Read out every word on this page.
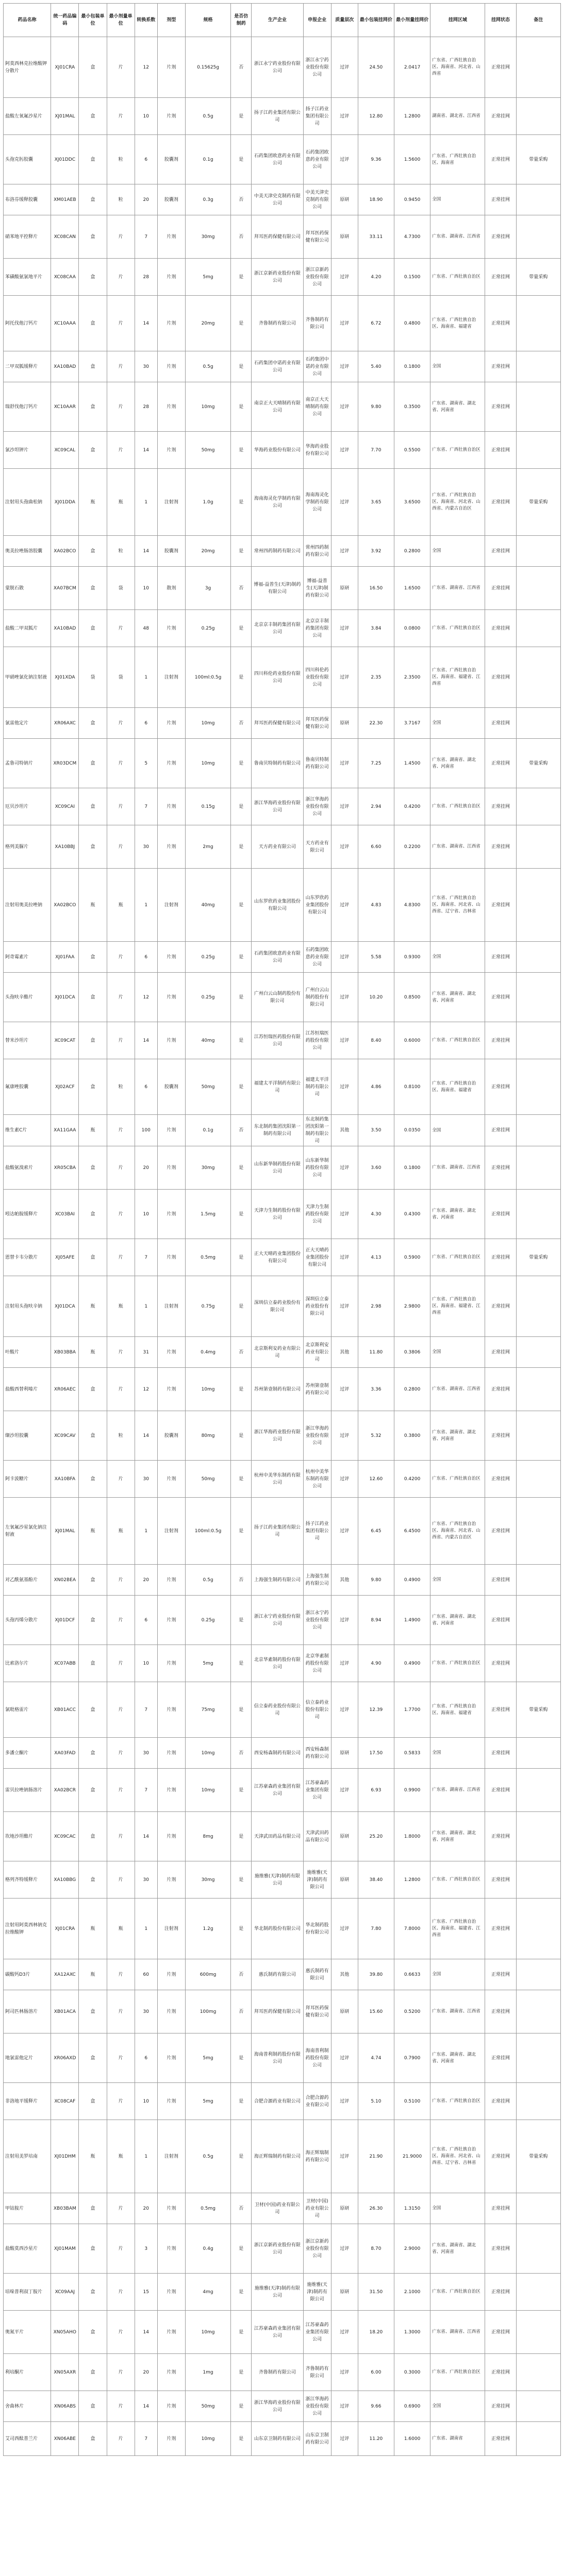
药品名称	统一药品编码	最小包装单位	最小剂量单位	转换系数	剂型	规格	是否仿制药	生产企业	申报企业	质量层次	最小包装挂网价	最小剂量挂网价	挂网区域	挂网状态	备注
阿莫西林克拉维酸钾分散片	XJ01CRA	盒	片	12	片剂	0.15625g	否	浙江永宁药业股份有限公司	浙江永宁药业股份有限公司	过评	24.50	2.0417	广东省、广西壮族自治区、海南省、河北省、山西省	正常挂网	
盐酸左氧氟沙星片	XJ01MAL	盒	片	10	片剂	0.5g	是	扬子江药业集团有限公司	扬子江药业集团有限公司	过评	12.80	1.2800	湖南省、湖北省、江西省	正常挂网	
头孢克肟胶囊	XJ01DDC	盒	粒	6	胶囊剂	0.1g	是	石药集团欧意药业有限公司	石药集团欧意药业有限公司	过评	9.36	1.5600	广东省、广西壮族自治区、海南省	正常挂网	带量采购
布洛芬缓释胶囊	XM01AEB	盒	粒	20	胶囊剂	0.3g	否	中美天津史克制药有限公司	中美天津史克制药有限公司	原研	18.90	0.9450	全国	正常挂网	
硝苯地平控释片	XC08CAN	盒	片	7	片剂	30mg	否	拜耳医药保健有限公司	拜耳医药保健有限公司	原研	33.11	4.7300	广东省、湖南省、江西省	正常挂网	
苯磺酸氨氯地平片	XC08CAA	盒	片	28	片剂	5mg	是	浙江京新药业股份有限公司	浙江京新药业股份有限公司	过评	4.20	0.1500	广东省、广西壮族自治区	正常挂网	带量采购
阿托伐他汀钙片	XC10AAA	盒	片	14	片剂	20mg	是	齐鲁制药有限公司	齐鲁制药有限公司	过评	6.72	0.4800	广东省、广西壮族自治区、海南省、福建省	正常挂网	
二甲双胍缓释片	XA10BAD	盒	片	30	片剂	0.5g	是	石药集团中诺药业有限公司	石药集团中诺药业有限公司	过评	5.40	0.1800	全国	正常挂网	
瑞舒伐他汀钙片	XC10AAR	盒	片	28	片剂	10mg	是	南京正大天晴制药有限公司	南京正大天晴制药有限公司	过评	9.80	0.3500	广东省、湖南省、湖北省、河南省	正常挂网	
氯沙坦钾片	XC09CAL	盒	片	14	片剂	50mg	是	华海药业股份有限公司	华海药业股份有限公司	过评	7.70	0.5500	广东省、广西壮族自治区	正常挂网	
注射用头孢曲松钠	XJ01DDA	瓶	瓶	1	注射剂	1.0g	是	海南海灵化学制药有限公司	海南海灵化学制药有限公司	过评	3.65	3.6500	广东省、广西壮族自治区、海南省、河北省、山西省、内蒙古自治区	正常挂网	带量采购
奥美拉唑肠溶胶囊	XA02BCO	盒	粒	14	胶囊剂	20mg	是	常州四药制药有限公司	常州四药制药有限公司	过评	3.92	0.2800	全国	正常挂网	
蒙脱石散	XA07BCM	盒	袋	10	散剂	3g	否	博福-益普生(天津)制药有限公司	博福-益普生(天津)制药有限公司	原研	16.50	1.6500	广东省、湖南省、江西省	正常挂网	
盐酸二甲双胍片	XA10BAD	盒	片	48	片剂	0.25g	是	北京京丰制药集团有限公司	北京京丰制药集团有限公司	过评	3.84	0.0800	广东省、广西壮族自治区	正常挂网	
甲硝唑氯化钠注射液	XJ01XDA	袋	袋	1	注射剂	100ml:0.5g	是	四川科伦药业股份有限公司	四川科伦药业股份有限公司	过评	2.35	2.3500	广东省、广西壮族自治区、海南省、福建省、江西省	正常挂网	
氯雷他定片	XR06AXC	盒	片	6	片剂	10mg	否	拜耳医药保健有限公司	拜耳医药保健有限公司	原研	22.30	3.7167	全国	正常挂网	
孟鲁司特钠片	XR03DCM	盒	片	5	片剂	10mg	是	鲁南贝特制药有限公司	鲁南贝特制药有限公司	过评	7.25	1.4500	广东省、湖南省、湖北省、河南省	正常挂网	带量采购
厄贝沙坦片	XC09CAI	盒	片	7	片剂	0.15g	是	浙江华海药业股份有限公司	浙江华海药业股份有限公司	过评	2.94	0.4200	广东省、广西壮族自治区	正常挂网	
格列美脲片	XA10BBJ	盒	片	30	片剂	2mg	是	天方药业有限公司	天方药业有限公司	过评	6.60	0.2200	广东省、湖南省、江西省	正常挂网	
注射用奥美拉唑钠	XA02BCO	瓶	瓶	1	注射剂	40mg	是	山东罗欣药业集团股份有限公司	山东罗欣药业集团股份有限公司	过评	4.83	4.8300	广东省、广西壮族自治区、海南省、河北省、山西省、辽宁省、吉林省	正常挂网	
阿奇霉素片	XJ01FAA	盒	片	6	片剂	0.25g	是	石药集团欧意药业有限公司	石药集团欧意药业有限公司	过评	5.58	0.9300	全国	正常挂网	
头孢呋辛酯片	XJ01DCA	盒	片	12	片剂	0.25g	是	广州白云山制药股份有限公司	广州白云山制药股份有限公司	过评	10.20	0.8500	广东省、湖南省、湖北省、河南省	正常挂网	
替米沙坦片	XC09CAT	盒	片	14	片剂	40mg	是	江苏恒瑞医药股份有限公司	江苏恒瑞医药股份有限公司	过评	8.40	0.6000	广东省、广西壮族自治区	正常挂网	
氟康唑胶囊	XJ02ACF	盒	粒	6	胶囊剂	50mg	是	福建太平洋制药有限公司	福建太平洋制药有限公司	过评	4.86	0.8100	广东省、广西壮族自治区、海南省、福建省	正常挂网	
维生素C片	XA11GAA	瓶	片	100	片剂	0.1g	否	东北制药集团沈阳第一制药有限公司	东北制药集团沈阳第一制药有限公司	其他	3.50	0.0350	全国	正常挂网	
盐酸氨溴索片	XR05CBA	盒	片	20	片剂	30mg	是	山东新华制药股份有限公司	山东新华制药股份有限公司	过评	3.60	0.1800	广东省、湖南省、江西省	正常挂网	
吲达帕胺缓释片	XC03BAI	盒	片	10	片剂	1.5mg	是	天津力生制药股份有限公司	天津力生制药股份有限公司	过评	4.30	0.4300	广东省、湖南省、湖北省、河南省	正常挂网	
恩替卡韦分散片	XJ05AFE	盒	片	7	片剂	0.5mg	是	正大天晴药业集团股份有限公司	正大天晴药业集团股份有限公司	过评	4.13	0.5900	广东省、广西壮族自治区	正常挂网	带量采购
注射用头孢呋辛钠	XJ01DCA	瓶	瓶	1	注射剂	0.75g	是	深圳信立泰药业股份有限公司	深圳信立泰药业股份有限公司	过评	2.98	2.9800	广东省、广西壮族自治区、海南省、福建省、江西省	正常挂网	
叶酸片	XB03BBA	瓶	片	31	片剂	0.4mg	否	北京斯利安药业有限公司	北京斯利安药业有限公司	其他	11.80	0.3806	全国	正常挂网	
盐酸西替利嗪片	XR06AEC	盒	片	12	片剂	10mg	是	苏州第壹制药有限公司	苏州第壹制药有限公司	过评	3.36	0.2800	广东省、湖南省、江西省	正常挂网	
缬沙坦胶囊	XC09CAV	盒	粒	14	胶囊剂	80mg	是	浙江华海药业股份有限公司	浙江华海药业股份有限公司	过评	5.32	0.3800	广东省、湖南省、湖北省、河南省	正常挂网	
阿卡波糖片	XA10BFA	盒	片	30	片剂	50mg	是	杭州中美华东制药有限公司	杭州中美华东制药有限公司	过评	12.60	0.4200	广东省、广西壮族自治区	正常挂网	
左氧氟沙星氯化钠注射液	XJ01MAL	瓶	瓶	1	注射剂	100ml:0.5g	是	扬子江药业集团有限公司	扬子江药业集团有限公司	过评	6.45	6.4500	广东省、广西壮族自治区、海南省、河北省、山西省、内蒙古自治区	正常挂网	
对乙酰氨基酚片	XN02BEA	盒	片	20	片剂	0.5g	否	上海强生制药有限公司	上海强生制药有限公司	其他	9.80	0.4900	全国	正常挂网	
头孢丙烯分散片	XJ01DCF	盒	片	6	片剂	0.25g	是	浙江永宁药业股份有限公司	浙江永宁药业股份有限公司	过评	8.94	1.4900	广东省、湖南省、湖北省、河南省	正常挂网	
比索洛尔片	XC07ABB	盒	片	10	片剂	5mg	是	北京华素制药股份有限公司	北京华素制药股份有限公司	过评	4.90	0.4900	广东省、广西壮族自治区	正常挂网	
氯吡格雷片	XB01ACC	盒	片	7	片剂	75mg	是	信立泰药业股份有限公司	信立泰药业股份有限公司	过评	12.39	1.7700	广东省、广西壮族自治区、海南省、福建省	正常挂网	带量采购
多潘立酮片	XA03FAD	盒	片	30	片剂	10mg	否	西安杨森制药有限公司	西安杨森制药有限公司	原研	17.50	0.5833	全国	正常挂网	
雷贝拉唑钠肠溶片	XA02BCR	盒	片	7	片剂	10mg	是	江苏豪森药业集团有限公司	江苏豪森药业集团有限公司	过评	6.93	0.9900	广东省、湖南省、江西省	正常挂网	
坎地沙坦酯片	XC09CAC	盒	片	14	片剂	8mg	是	天津武田药品有限公司	天津武田药品有限公司	原研	25.20	1.8000	广东省、湖南省、湖北省、河南省	正常挂网	
格列齐特缓释片	XA10BBG	盒	片	30	片剂	30mg	是	施维雅(天津)制药有限公司	施维雅(天津)制药有限公司	原研	38.40	1.2800	广东省、广西壮族自治区	正常挂网	
注射用阿莫西林钠克拉维酸钾	XJ01CRA	瓶	瓶	1	注射剂	1.2g	是	华北制药股份有限公司	华北制药股份有限公司	过评	7.80	7.8000	广东省、广西壮族自治区、海南省、福建省、江西省	正常挂网	
碳酸钙D3片	XA12AXC	瓶	片	60	片剂	600mg	否	惠氏制药有限公司	惠氏制药有限公司	其他	39.80	0.6633	全国	正常挂网	
阿司匹林肠溶片	XB01ACA	盒	片	30	片剂	100mg	否	拜耳医药保健有限公司	拜耳医药保健有限公司	原研	15.60	0.5200	广东省、湖南省、江西省	正常挂网	
地氯雷他定片	XR06AXD	盒	片	6	片剂	5mg	是	海南普利制药股份有限公司	海南普利制药股份有限公司	过评	4.74	0.7900	广东省、湖南省、湖北省、河南省	正常挂网	
非洛地平缓释片	XC08CAF	盒	片	10	片剂	5mg	是	合肥合源药业有限公司	合肥合源药业有限公司	过评	5.10	0.5100	广东省、广西壮族自治区	正常挂网	
注射用美罗培南	XJ01DHM	瓶	瓶	1	注射剂	0.5g	是	海正辉瑞制药有限公司	海正辉瑞制药有限公司	过评	21.90	21.9000	广东省、广西壮族自治区、海南省、河北省、山西省、辽宁省、吉林省	正常挂网	带量采购
甲钴胺片	XB03BAM	盒	片	20	片剂	0.5mg	否	卫材(中国)药业有限公司	卫材(中国)药业有限公司	原研	26.30	1.3150	全国	正常挂网	
盐酸莫西沙星片	XJ01MAM	盒	片	3	片剂	0.4g	是	浙江京新药业股份有限公司	浙江京新药业股份有限公司	过评	8.70	2.9000	广东省、湖南省、湖北省、河南省	正常挂网	
培哚普利叔丁胺片	XC09AAJ	盒	片	15	片剂	4mg	是	施维雅(天津)制药有限公司	施维雅(天津)制药有限公司	原研	31.50	2.1000	广东省、广西壮族自治区	正常挂网	
奥氮平片	XN05AHO	盒	片	14	片剂	10mg	是	江苏豪森药业集团有限公司	江苏豪森药业集团有限公司	过评	18.20	1.3000	广东省、湖南省、江西省	正常挂网	
利培酮片	XN05AXR	盒	片	20	片剂	1mg	是	齐鲁制药有限公司	齐鲁制药有限公司	过评	6.00	0.3000	广东省、广西壮族自治区	正常挂网	
舍曲林片	XN06ABS	盒	片	14	片剂	50mg	是	浙江华海药业股份有限公司	浙江华海药业股份有限公司	过评	9.66	0.6900	全国	正常挂网	
艾司西酞普兰片	XN06ABE	盒	片	7	片剂	10mg	是	山东京卫制药有限公司	山东京卫制药有限公司	过评	11.20	1.6000	广东省、湖南省	正常挂网	
